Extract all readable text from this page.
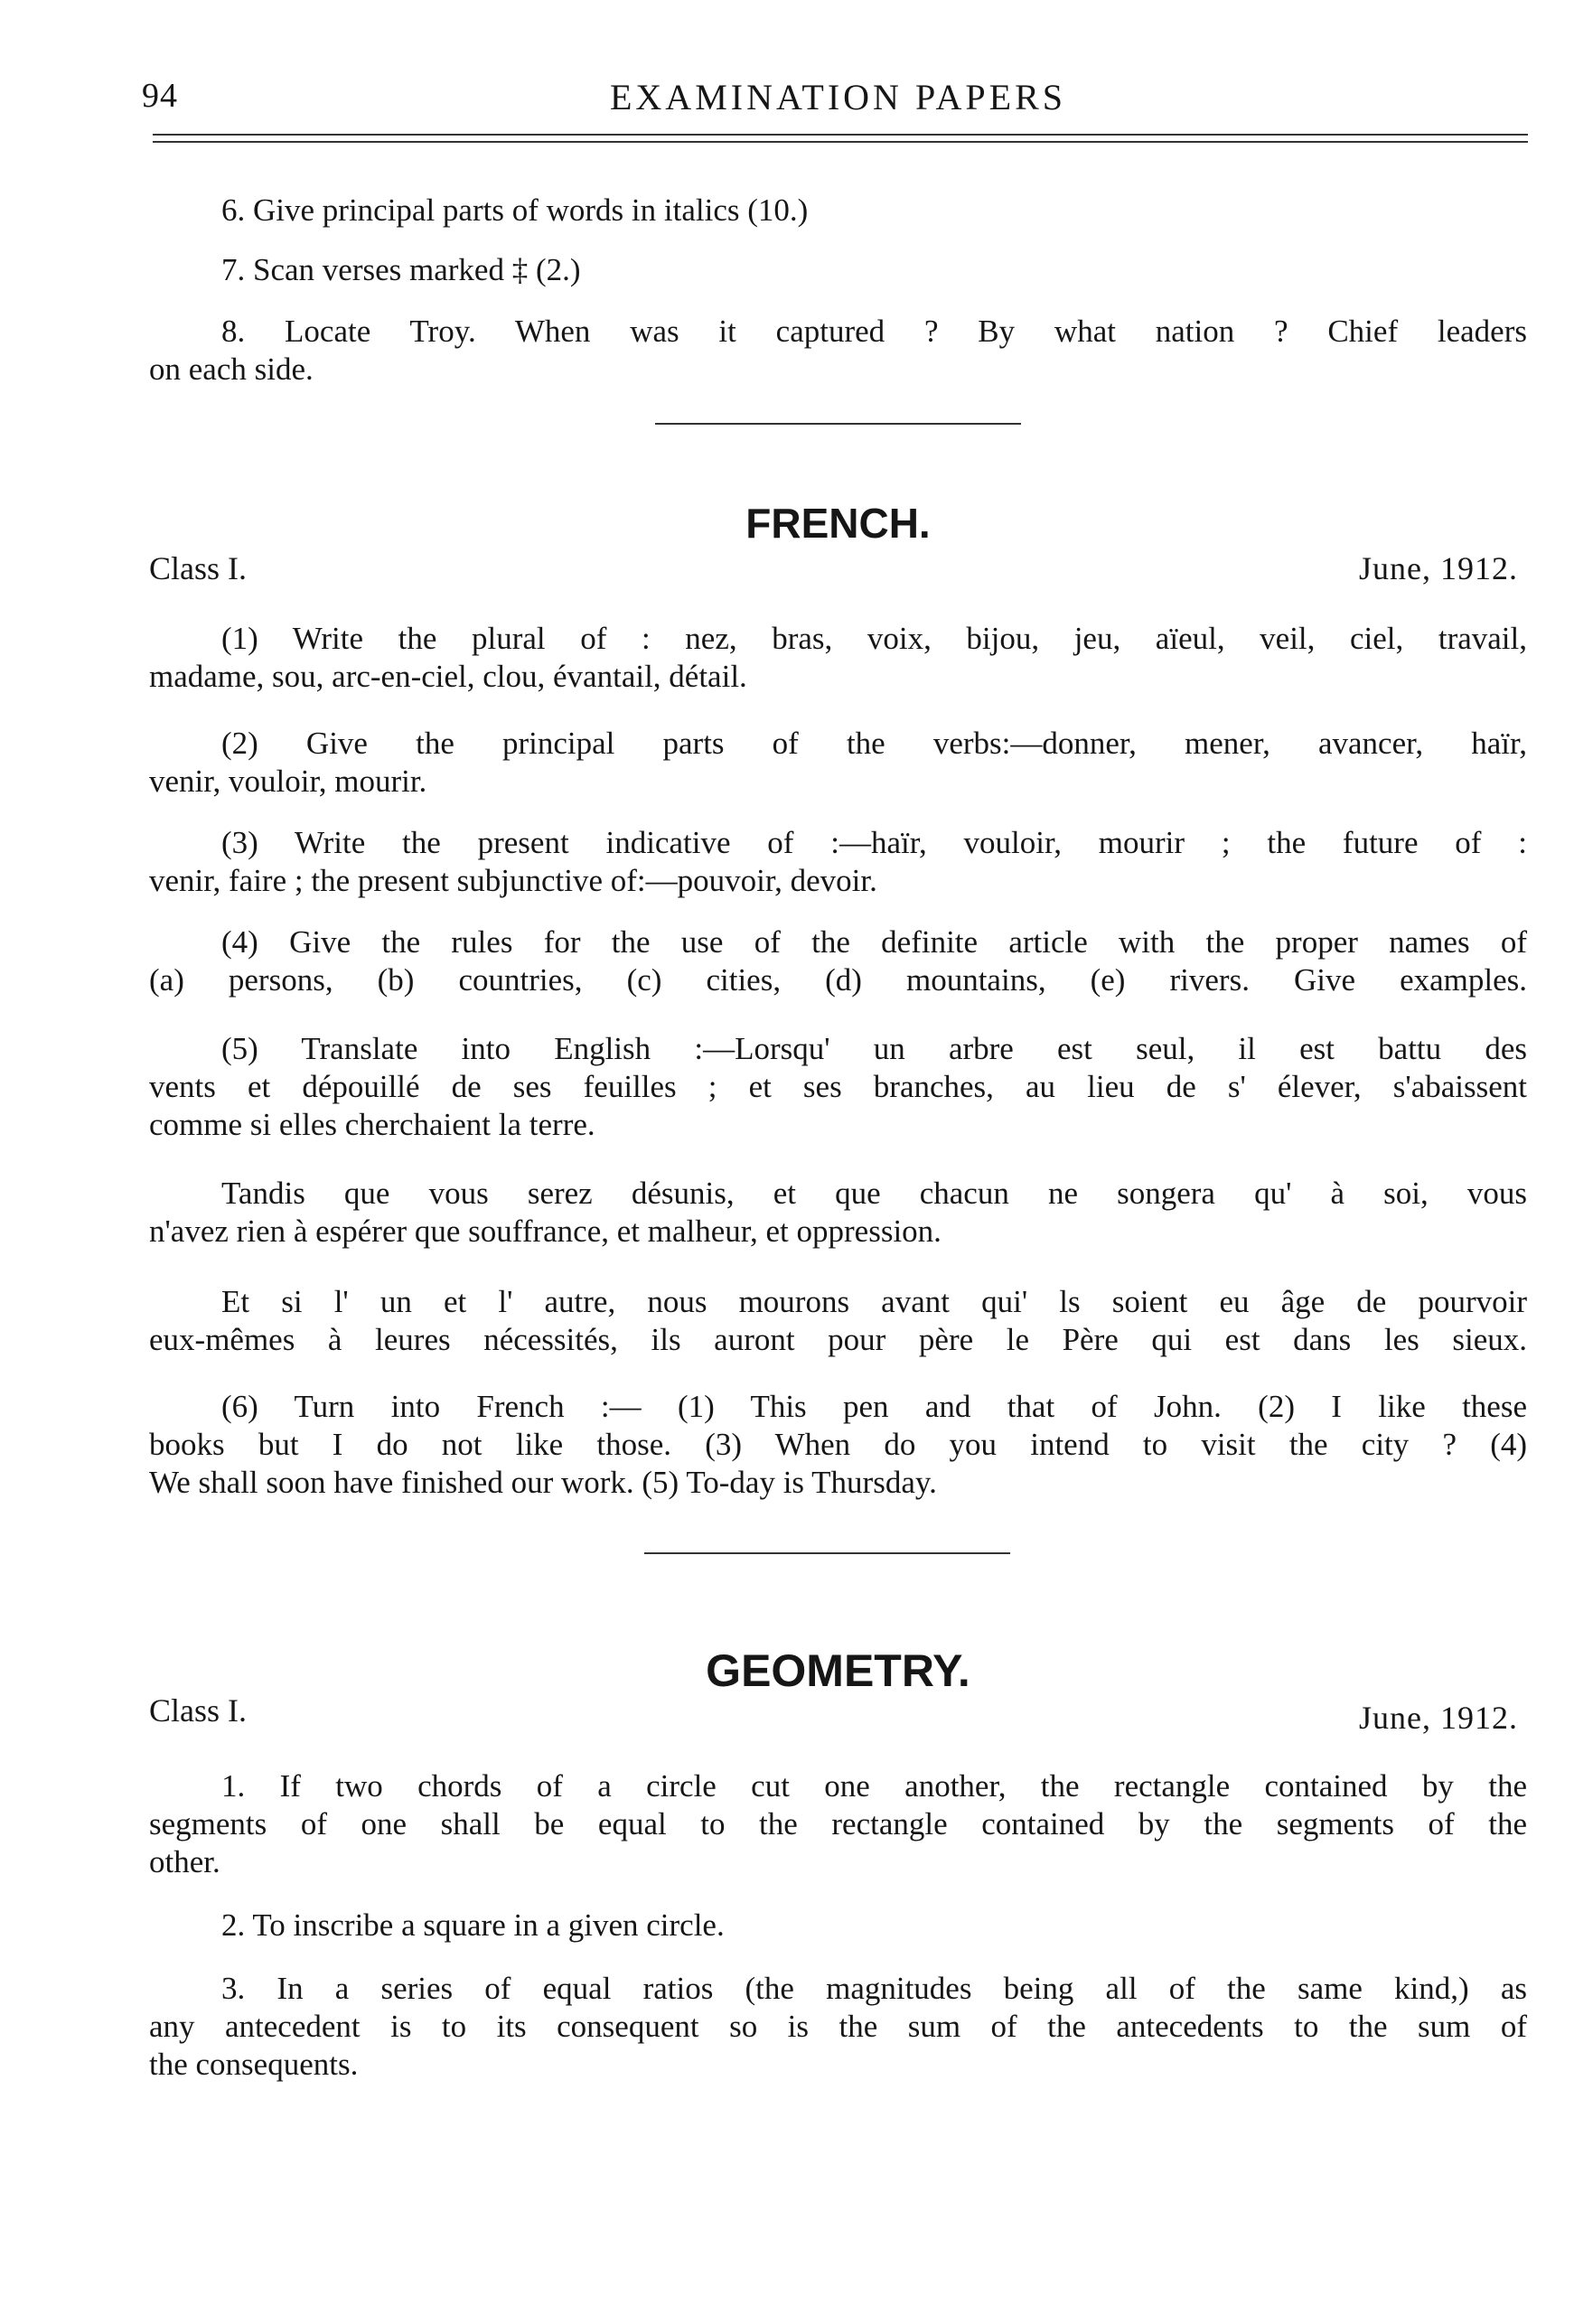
94	EXAMINATION PAPERS

6. Give principal parts of words in italics (10.)

7. Scan verses marked ‡ (2.)

8. Locate Troy. When was it captured ? By what nation ? Chief leaders
on each side.

FRENCH.
Class I.	June, 1912.

(1) Write the plural of : nez, bras, voix, bijou, jeu, aïeul, veil, ciel, travail,
madame, sou, arc-en-ciel, clou, évantail, détail.

(2) Give the principal parts of the verbs:—donner, mener, avancer, haïr,
venir, vouloir, mourir.

(3) Write the present indicative of :—haïr, vouloir, mourir ; the future of :
venir, faire ; the present subjunctive of:—pouvoir, devoir.

(4) Give the rules for the use of the definite article with the proper names of
(a) persons, (b) countries, (c) cities, (d) mountains, (e) rivers. Give examples.

(5) Translate into English :—Lorsqu' un arbre est seul, il est battu des
vents et dépouillé de ses feuilles ; et ses branches, au lieu de s' élever, s'abaissent
comme si elles cherchaient la terre.

Tandis que vous serez désunis, et que chacun ne songera qu' à soi, vous
n'avez rien à espérer que souffrance, et malheur, et oppression.

Et si l' un et l' autre, nous mourons avant qui' ls soient eu âge de pourvoir
eux-mêmes à leures nécessités, ils auront pour père le Père qui est dans les sieux.

(6) Turn into French :— (1) This pen and that of John. (2) I like these
books but I do not like those. (3) When do you intend to visit the city ? (4)
We shall soon have finished our work. (5) To-day is Thursday.

GEOMETRY.
Class I.	June, 1912.

1. If two chords of a circle cut one another, the rectangle contained by the
segments of one shall be equal to the rectangle contained by the segments of the
other.

2. To inscribe a square in a given circle.

3. In a series of equal ratios (the magnitudes being all of the same kind,) as
any antecedent is to its consequent so is the sum of the antecedents to the sum of
the consequents.
